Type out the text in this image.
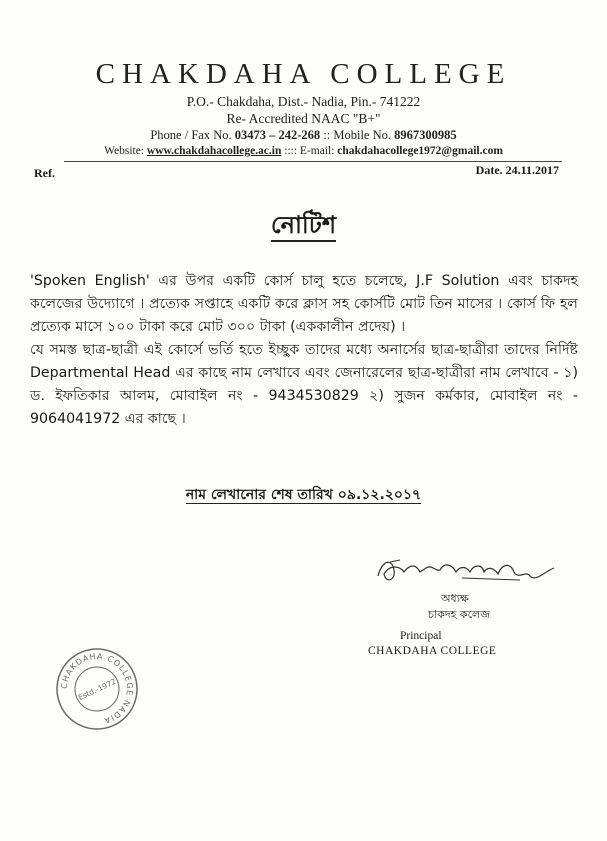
CHAKDAHA COLLEGE
P.O.- Chakdaha, Dist.- Nadia, Pin.- 741222
Re- Accredited NAAC "B+"
Phone / Fax No. 03473 – 242-268 :: Mobile No. 8967300985
Website: www.chakdahacollege.ac.in :::: E-mail: chakdahacollege1972@gmail.com
Ref.	Date. 24.11.2017
নোটিশ

'Spoken English' এর উপর একটি কোর্স চালু হতে চলেছে, J.F Solution এবং চাকদহ কলেজের উদ্যোগে । প্রত্যেক সপ্তাহে একটি করে ক্লাস সহ কোর্সটি মোট তিন মাসের । কোর্স ফি হল প্রত্যেক মাসে ১০০ টাকা করে মোট ৩০০ টাকা (এককালীন প্রদেয়) ।

যে সমস্ত ছাত্র-ছাত্রী এই কোর্সে ভর্তি হতে ইচ্ছুক তাদের মধ্যে অনার্সের ছাত্র-ছাত্রীরা তাদের নির্দিষ্ট Departmental Head এর কাছে নাম লেখাবে এবং জেনারেলের ছাত্র-ছাত্রীরা নাম লেখাবে - ১) ড. ইফতিকার আলম, মোবাইল নং - 9434530829 ২) সুজন কর্মকার, মোবাইল নং - 9064041972 এর কাছে ।

নাম লেখানোর শেষ তারিখ ০৯.১২.২০১৭
অধ্যক্ষ
চাকদহ কলেজ
Principal
CHAKDAHA COLLEGE
CHAKDAHA COLLEGE NADIA
Estd.-1972
